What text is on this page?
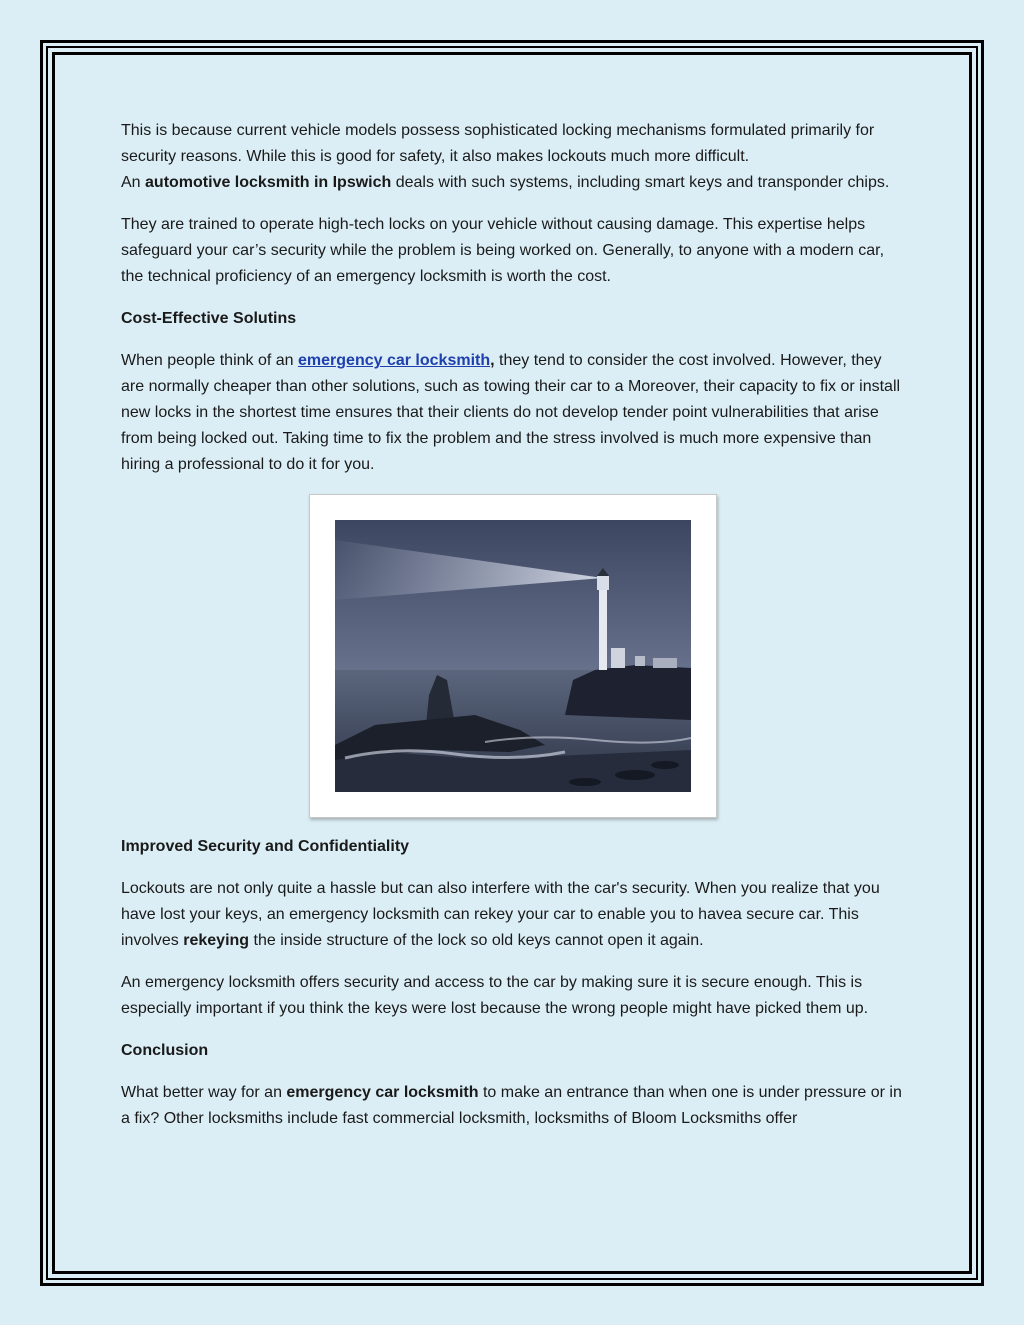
This is because current vehicle models possess sophisticated locking mechanisms formulated primarily for security reasons. While this is good for safety, it also makes lockouts much more difficult.
An automotive locksmith in Ipswich deals with such systems, including smart keys and transponder chips.

They are trained to operate high-tech locks on your vehicle without causing damage. This expertise helps safeguard your car’s security while the problem is being worked on. Generally, to anyone with a modern car, the technical proficiency of an emergency locksmith is worth the cost.

Cost-Effective Solutins

When people think of an emergency car locksmith, they tend to consider the cost involved. However, they are normally cheaper than other solutions, such as towing their car to a Moreover, their capacity to fix or install new locks in the shortest time ensures that their clients do not develop tender point vulnerabilities that arise from being locked out. Taking time to fix the problem and the stress involved is much more expensive than hiring a professional to do it for you.

Improved Security and Confidentiality

Lockouts are not only quite a hassle but can also interfere with the car's security. When you realize that you have lost your keys, an emergency locksmith can rekey your car to enable you to havea secure car. This involves rekeying the inside structure of the lock so old keys cannot open it again.

An emergency locksmith offers security and access to the car by making sure it is secure enough. This is especially important if you think the keys were lost because the wrong people might have picked them up.

Conclusion

What better way for an emergency car locksmith to make an entrance than when one is under pressure or in a fix? Other locksmiths include fast commercial locksmith, locksmiths of Bloom Locksmiths offer
